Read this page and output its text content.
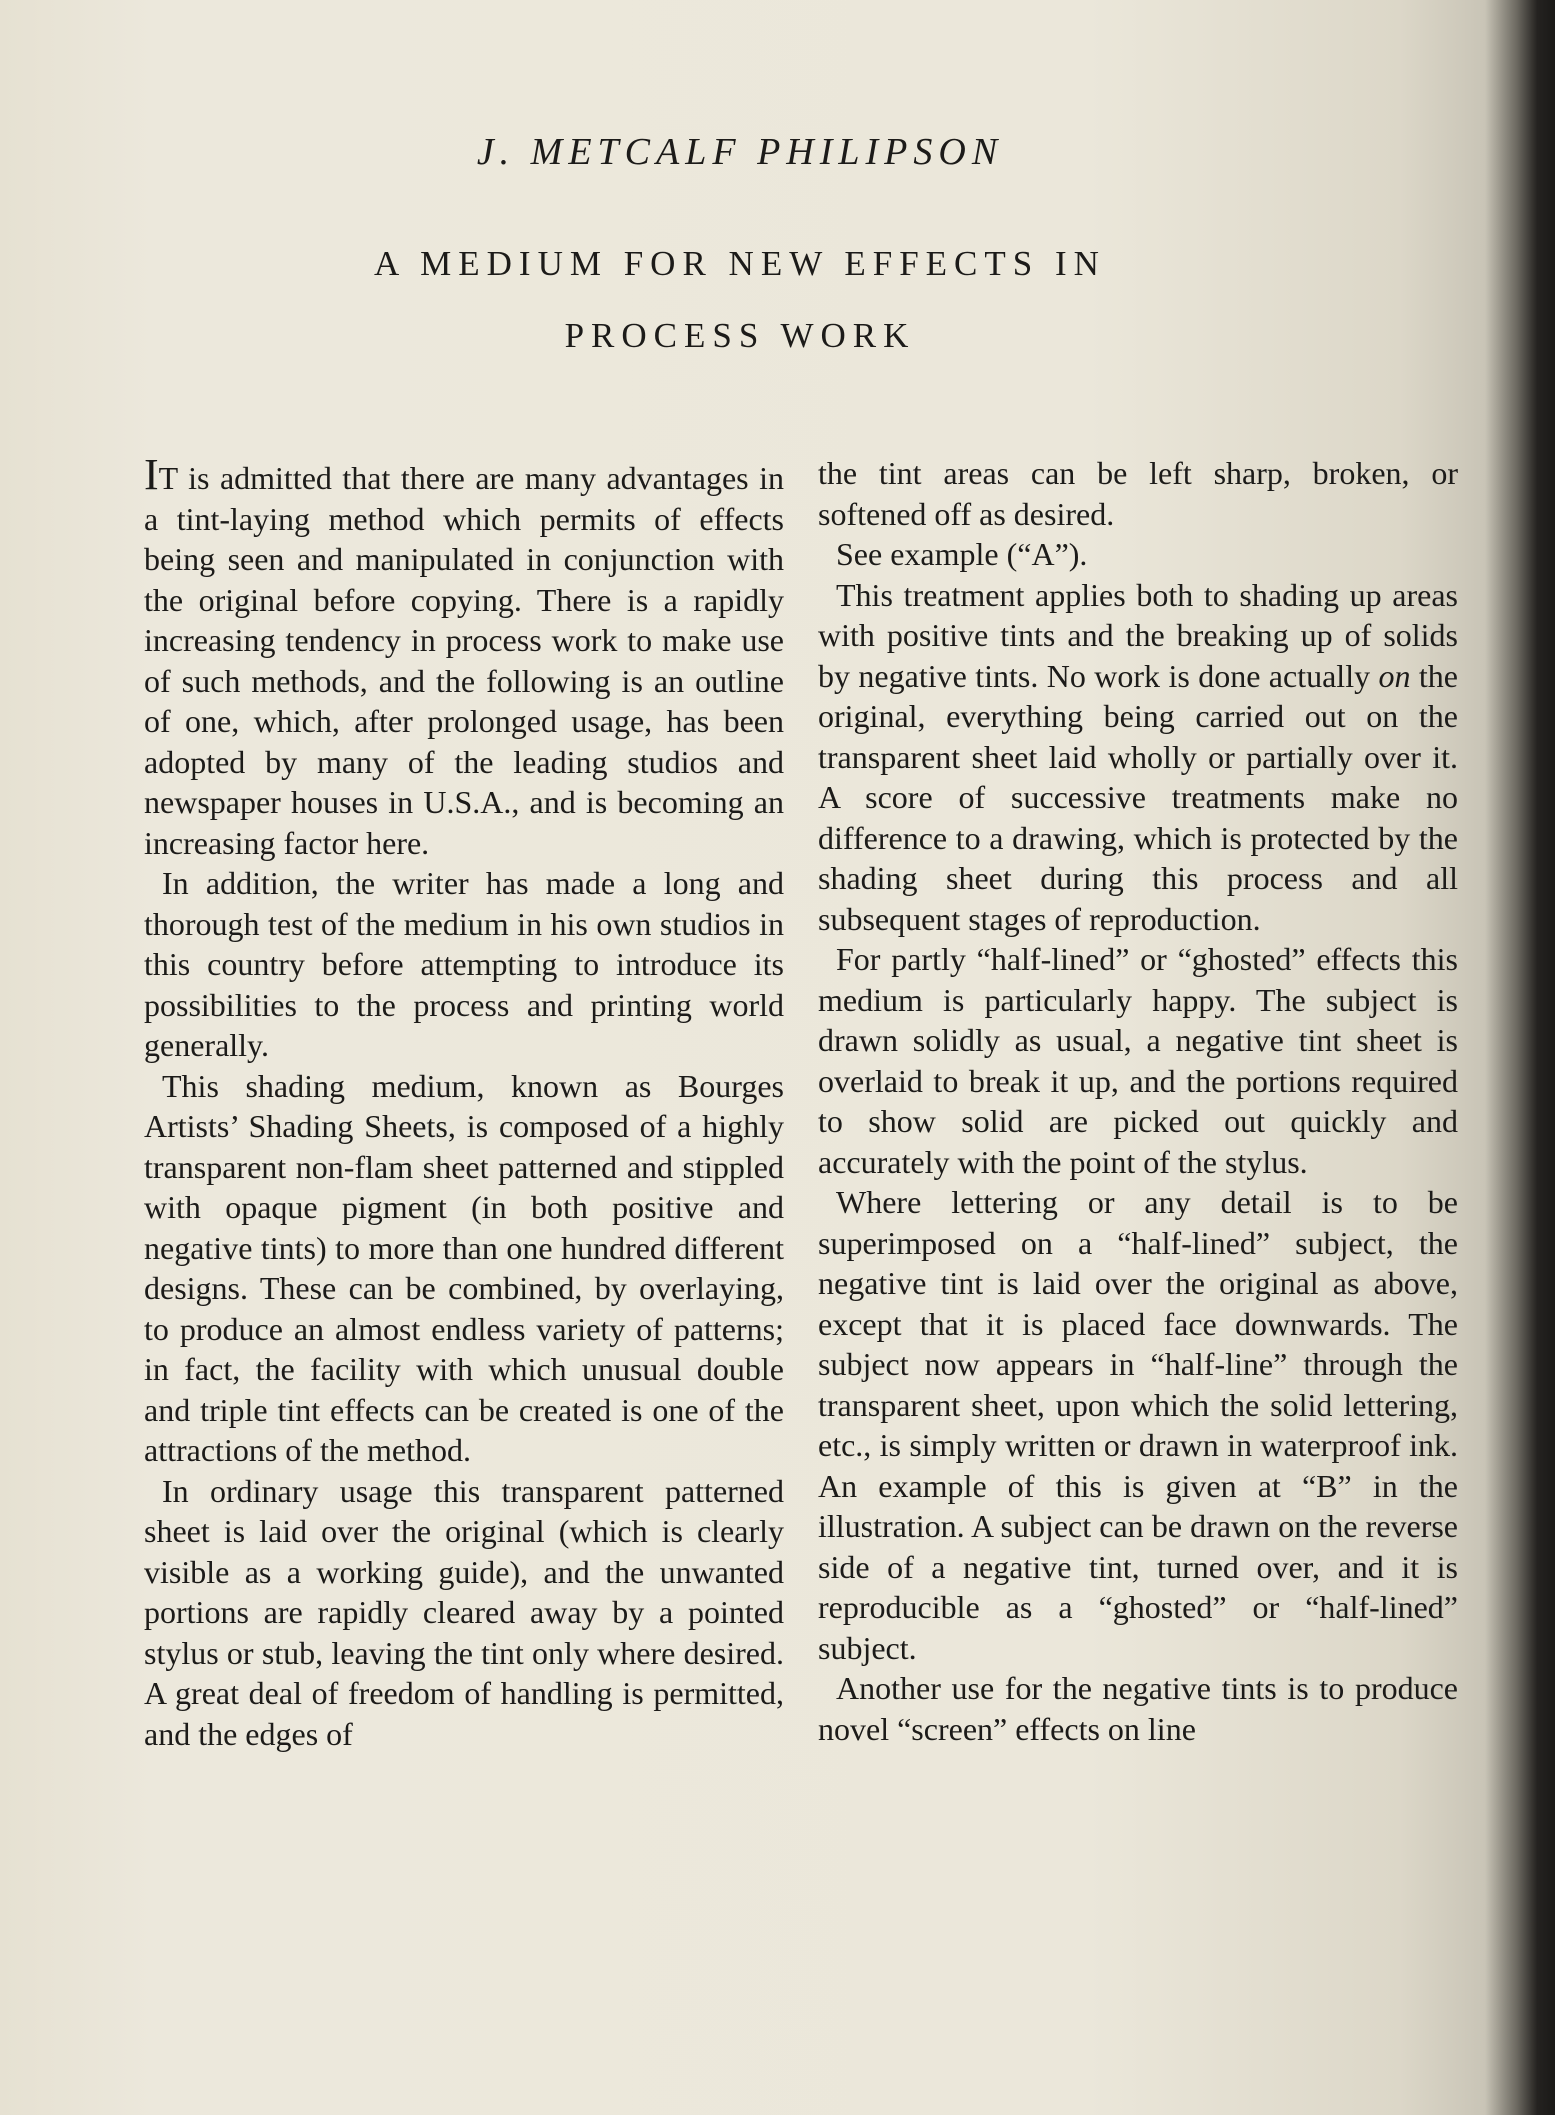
J. METCALF PHILIPSON
A MEDIUM FOR NEW EFFECTS IN
PROCESS WORK

IT is admitted that there are many advantages in a tint-laying method which permits of effects being seen and manipulated in conjunction with the original before copying. There is a rapidly increasing tendency in process work to make use of such methods, and the following is an outline of one, which, after prolonged usage, has been adopted by many of the leading studios and newspaper houses in U.S.A., and is becoming an increasing factor here.

In addition, the writer has made a long and thorough test of the medium in his own studios in this country before attempting to introduce its possibilities to the process and printing world generally.

This shading medium, known as Bourges Artists’ Shading Sheets, is composed of a highly transparent non-flam sheet patterned and stippled with opaque pigment (in both positive and negative tints) to more than one hundred different designs. These can be combined, by overlaying, to produce an almost endless variety of patterns; in fact, the facility with which unusual double and triple tint effects can be created is one of the attractions of the method.

In ordinary usage this transparent patterned sheet is laid over the original (which is clearly visible as a working guide), and the unwanted portions are rapidly cleared away by a pointed stylus or stub, leaving the tint only where desired. A great deal of freedom of handling is permitted, and the edges of

the tint areas can be left sharp, broken, or softened off as desired.

See example (“A”).

This treatment applies both to shading up areas with positive tints and the breaking up of solids by negative tints. No work is done actually on the original, everything being carried out on the transparent sheet laid wholly or partially over it. A score of successive treatments make no difference to a drawing, which is protected by the shading sheet during this process and all subsequent stages of reproduction.

For partly “half-lined” or “ghosted” effects this medium is particularly happy. The subject is drawn solidly as usual, a negative tint sheet is overlaid to break it up, and the portions required to show solid are picked out quickly and accurately with the point of the stylus.

Where lettering or any detail is to be superimposed on a “half-lined” subject, the negative tint is laid over the original as above, except that it is placed face downwards. The subject now appears in “half-line” through the transparent sheet, upon which the solid lettering, etc., is simply written or drawn in waterproof ink. An example of this is given at “B” in the illustration. A subject can be drawn on the reverse side of a negative tint, turned over, and it is reproducible as a “ghosted” or “half-lined” subject.

Another use for the negative tints is to produce novel “screen” effects on line
